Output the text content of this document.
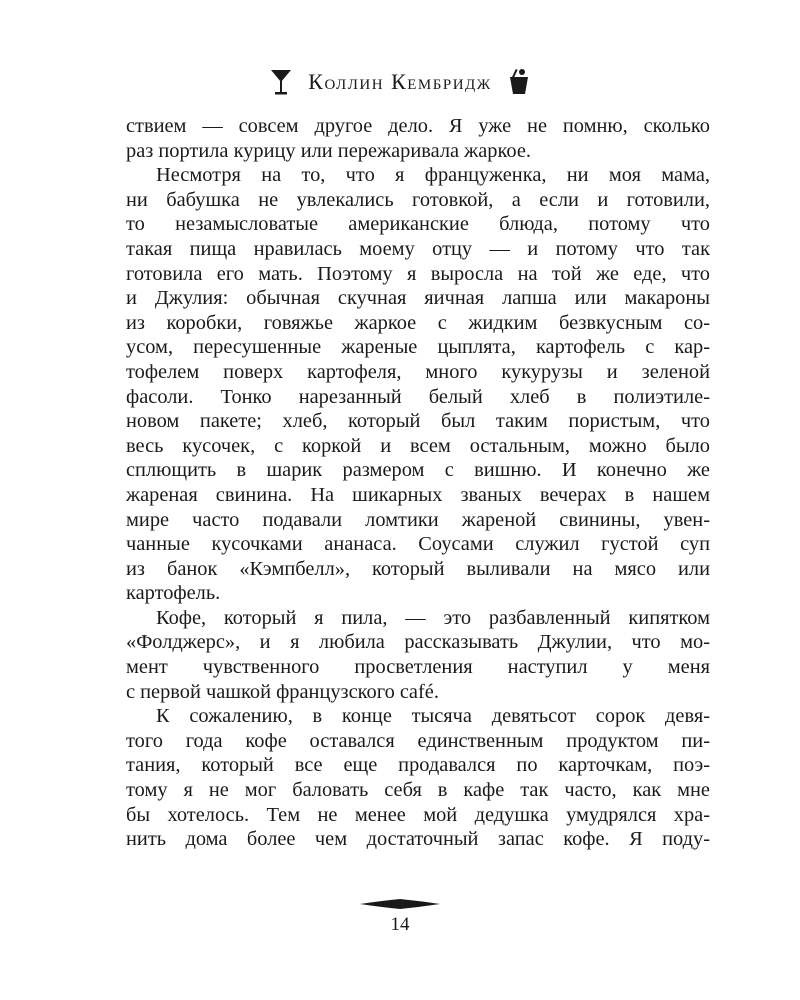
Коллин Кембридж
ствием — совсем другое дело. Я уже не помню, сколько
раз портила курицу или пережаривала жаркое.
Несмотря на то, что я француженка, ни моя мама,
ни бабушка не увлекались готовкой, а если и готовили,
то незамысловатые американские блюда, потому что
такая пища нравилась моему отцу — и потому что так
готовила его мать. Поэтому я выросла на той же еде, что
и Джулия: обычная скучная яичная лапша или макароны
из коробки, говяжье жаркое с жидким безвкусным со-
усом, пересушенные жареные цыплята, картофель с кар-
тофелем поверх картофеля, много кукурузы и зеленой
фасоли. Тонко нарезанный белый хлеб в полиэтиле-
новом пакете; хлеб, который был таким пористым, что
весь кусочек, с коркой и всем остальным, можно было
сплющить в шарик размером с вишню. И конечно же
жареная свинина. На шикарных званых вечерах в нашем
мире часто подавали ломтики жареной свинины, увен-
чанные кусочками ананаса. Соусами служил густой суп
из банок «Кэмпбелл», который выливали на мясо или
картофель.
Кофе, который я пила, — это разбавленный кипятком
«Фолджерс», и я любила рассказывать Джулии, что мо-
мент чувственного просветления наступил у меня
с первой чашкой французского café.
К сожалению, в конце тысяча девятьсот сорок девя-
того года кофе оставался единственным продуктом пи-
тания, который все еще продавался по карточкам, поэ-
тому я не мог баловать себя в кафе так часто, как мне
бы хотелось. Тем не менее мой дедушка умудрялся хра-
нить дома более чем достаточный запас кофе. Я поду-
14
